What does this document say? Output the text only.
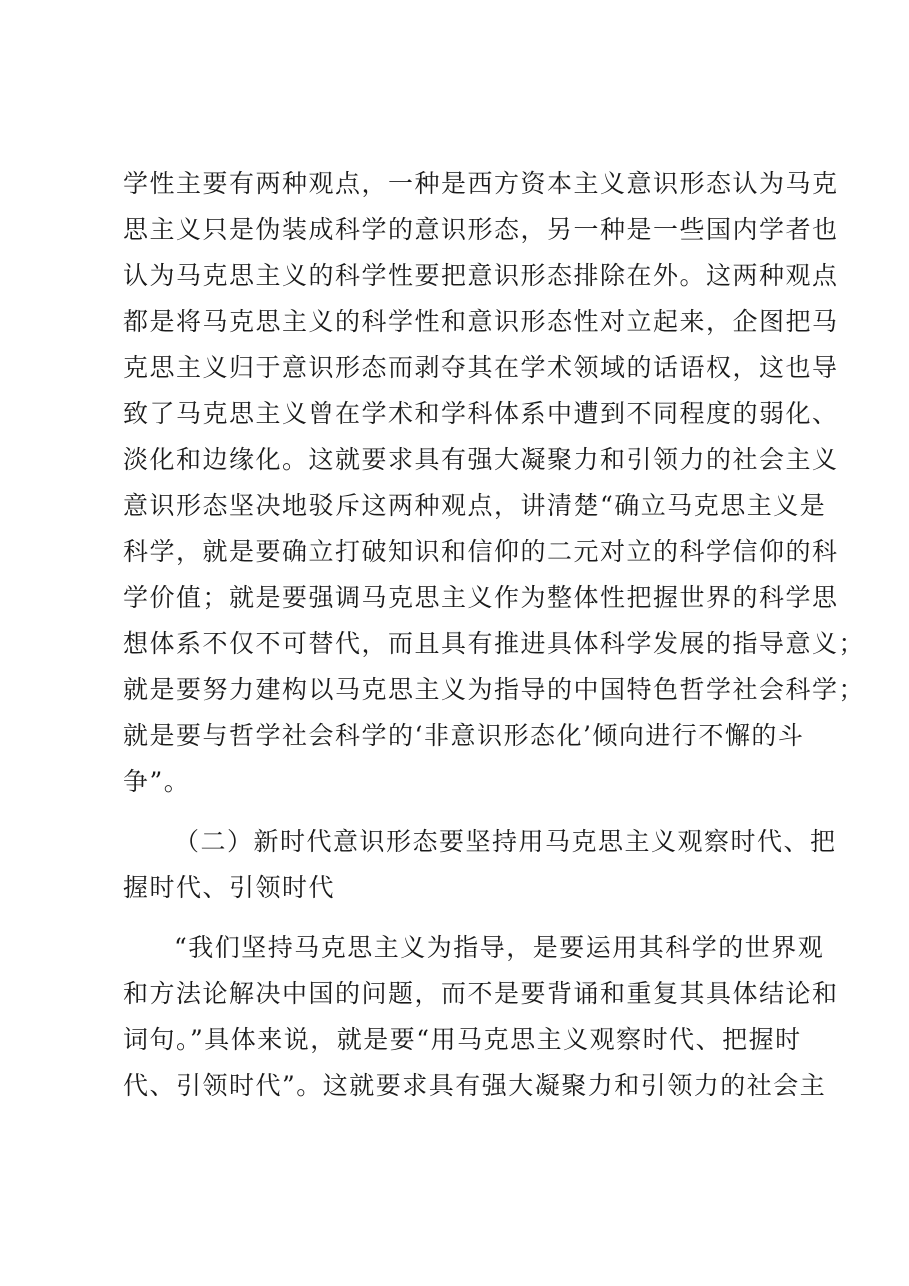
学性主要有两种观点，一种是西方资本主义意识形态认为马克

思主义只是伪装成科学的意识形态，另一种是一些国内学者也

认为马克思主义的科学性要把意识形态排除在外。这两种观点

都是将马克思主义的科学性和意识形态性对立起来，企图把马

克思主义归于意识形态而剥夺其在学术领域的话语权，这也导

致了马克思主义曾在学术和学科体系中遭到不同程度的弱化、

淡化和边缘化。这就要求具有强大凝聚力和引领力的社会主义

意识形态坚决地驳斥这两种观点，讲清楚“确立马克思主义是

科学，就是要确立打破知识和信仰的二元对立的科学信仰的科

学价值；就是要强调马克思主义作为整体性把握世界的科学思

想体系不仅不可替代，而且具有推进具体科学发展的指导意义；

就是要努力建构以马克思主义为指导的中国特色哲学社会科学；

就是要与哲学社会科学的‘非意识形态化’倾向进行不懈的斗

争”。

（二）新时代意识形态要坚持用马克思主义观察时代、把

握时代、引领时代

“我们坚持马克思主义为指导，是要运用其科学的世界观

和方法论解决中国的问题，而不是要背诵和重复其具体结论和

词句。”具体来说，就是要“用马克思主义观察时代、把握时

代、引领时代”。这就要求具有强大凝聚力和引领力的社会主
